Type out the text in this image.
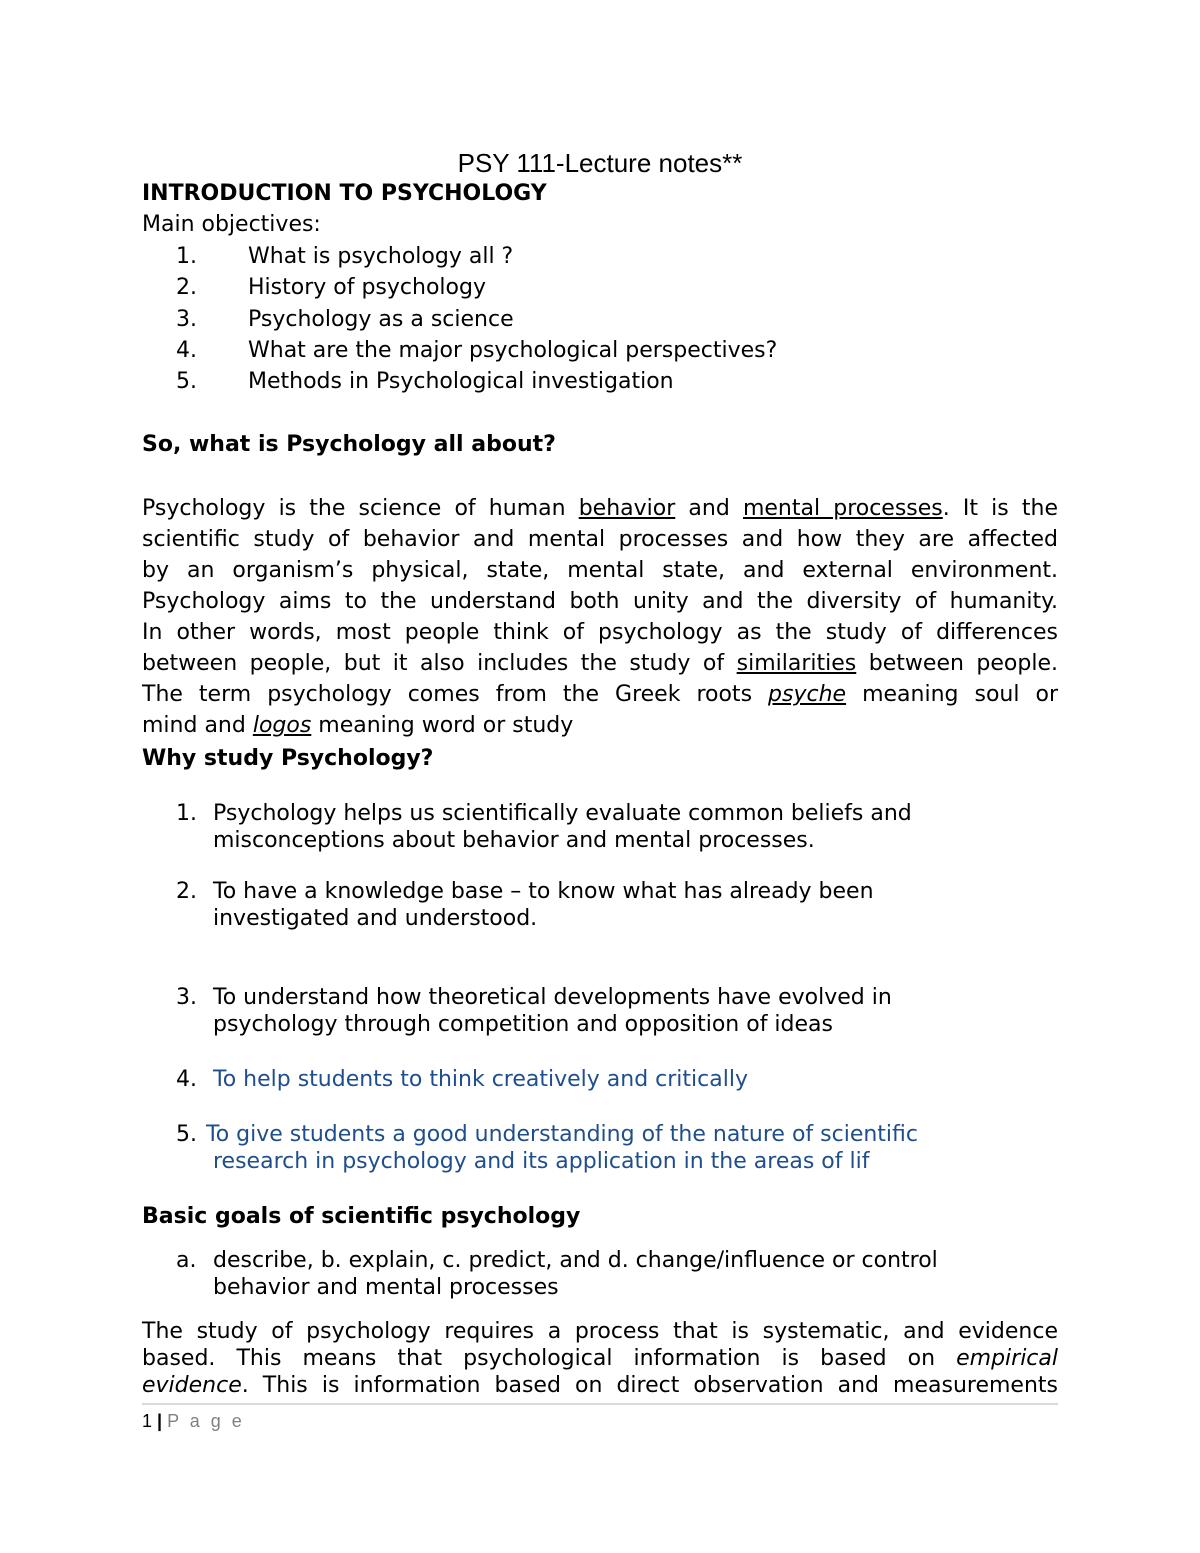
PSY 111-Lecture notes**
INTRODUCTION TO PSYCHOLOGY
Main objectives:
1. What is psychology all ?
2. History of psychology
3. Psychology as a science
4. What are the major psychological perspectives?
5. Methods in Psychological investigation
So, what is Psychology all about?
Psychology is the science of human behavior and mental processes. It is the
scientific study of behavior and mental processes and how they are affected
by an organism’s physical, state, mental state, and external environment.
Psychology aims to the understand both unity and the diversity of humanity.
In other words, most people think of psychology as the study of differences
between people, but it also includes the study of similarities between people.
The term psychology comes from the Greek roots psyche meaning soul or
mind and logos meaning word or study
Why study Psychology?
1. Psychology helps us scientifically evaluate common beliefs and
misconceptions about behavior and mental processes.
2. To have a knowledge base – to know what has already been
investigated and understood.
3. To understand how theoretical developments have evolved in
psychology through competition and opposition of ideas
4. To help students to think creatively and critically
5. To give students a good understanding of the nature of scientific
research in psychology and its application in the areas of lif
Basic goals of scientific psychology
a. describe, b. explain, c. predict, and d. change/influence or control
behavior and mental processes
The study of psychology requires a process that is systematic, and evidence
based. This means that psychological information is based on empirical
evidence. This is information based on direct observation and measurements
1 | P a g e
